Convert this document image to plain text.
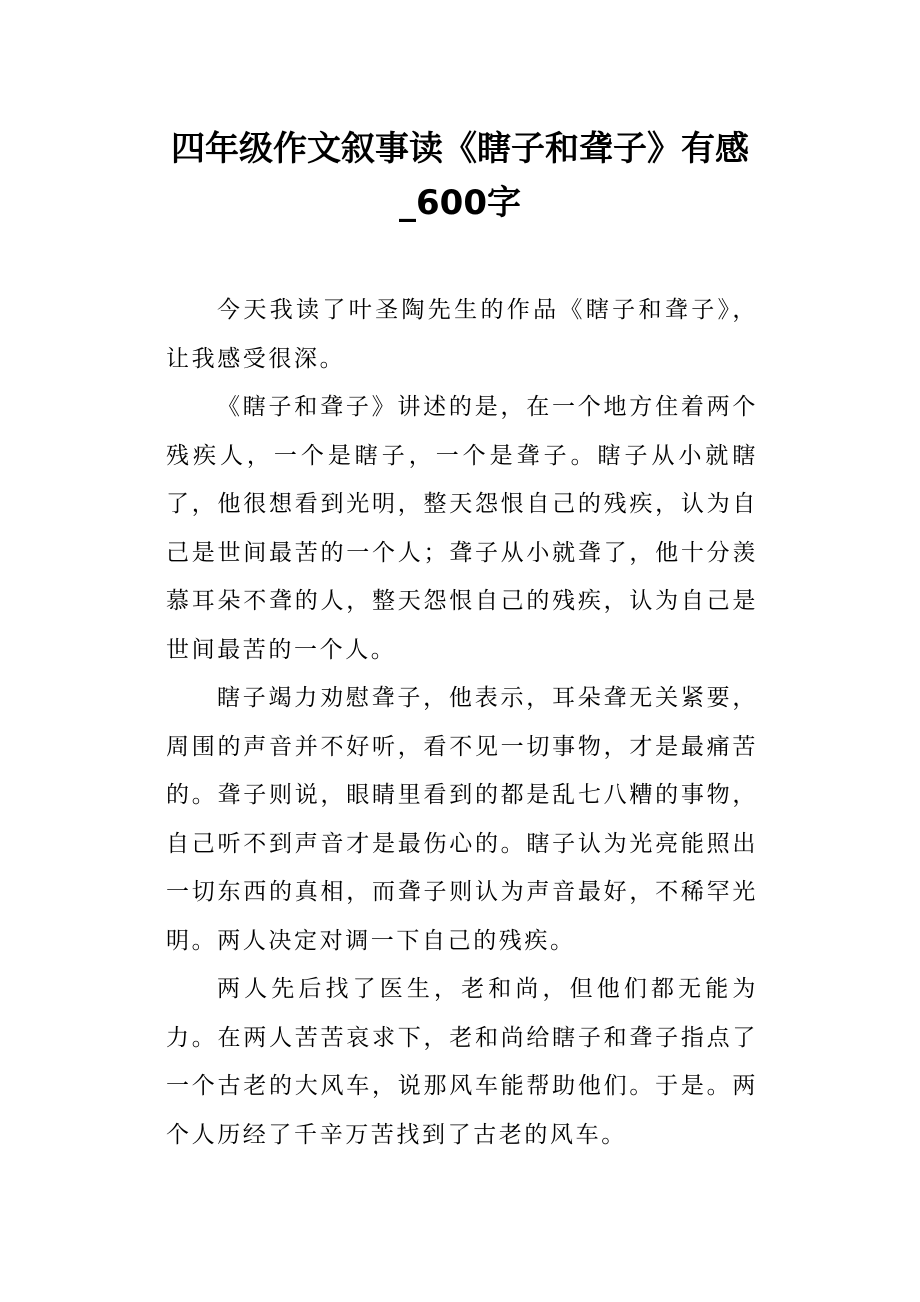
四年级作文叙事读《瞎子和聋子》有感_600字

今天我读了叶圣陶先生的作品《瞎子和聋子》，让我感受很深。

《瞎子和聋子》讲述的是，在一个地方住着两个残疾人，一个是瞎子，一个是聋子。瞎子从小就瞎了，他很想看到光明，整天怨恨自己的残疾，认为自己是世间最苦的一个人；聋子从小就聋了，他十分羡慕耳朵不聋的人，整天怨恨自己的残疾，认为自己是世间最苦的一个人。

瞎子竭力劝慰聋子，他表示，耳朵聋无关紧要，周围的声音并不好听，看不见一切事物，才是最痛苦的。聋子则说，眼睛里看到的都是乱七八糟的事物，自己听不到声音才是最伤心的。瞎子认为光亮能照出一切东西的真相，而聋子则认为声音最好，不稀罕光明。两人决定对调一下自己的残疾。

两人先后找了医生，老和尚，但他们都无能为力。在两人苦苦哀求下，老和尚给瞎子和聋子指点了一个古老的大风车，说那风车能帮助他们。于是。两个人历经了千辛万苦找到了古老的风车。
